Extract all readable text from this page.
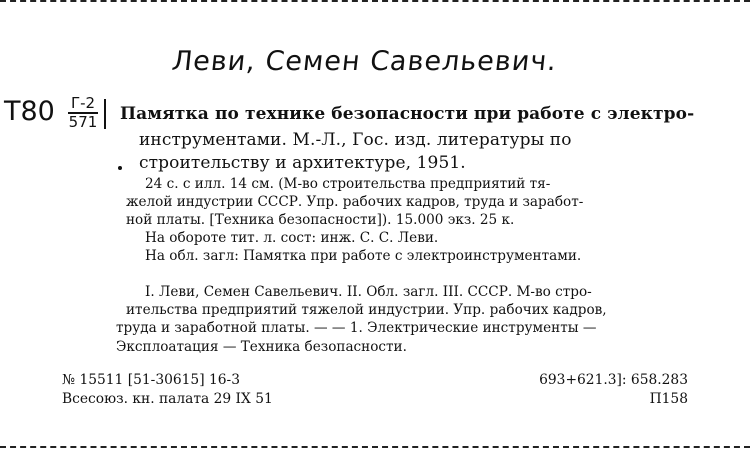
Леви, Семен Савельевич.
Т80 Г-2
571 Памятка по технике безопасности при работе с электро-
инструментами. М.-Л., Гос. изд. литературы по
строительству и архитектуре, 1951.
24 с. с илл. 14 см. (М-во строительства предприятий тя-
желой индустрии СССР. Упр. рабочих кадров, труда и заработ-
ной платы. [Техника безопасности]). 15.000 экз. 25 к.
На обороте тит. л. сост: инж. С. С. Леви.
На обл. загл: Памятка при работе с электроинструментами.
I. Леви, Семен Савельевич. II. Обл. загл. III. СССР. М-во стро-
ительства предприятий тяжелой индустрии. Упр. рабочих кадров,
труда и заработной платы. — — 1. Электрические инструменты —
Эксплоатация — Техника безопасности.
№ 15511 [51-30615] 16-3
Всесоюз. кн. палата 29 IX 51
693+621.3]: 658.283
П158
